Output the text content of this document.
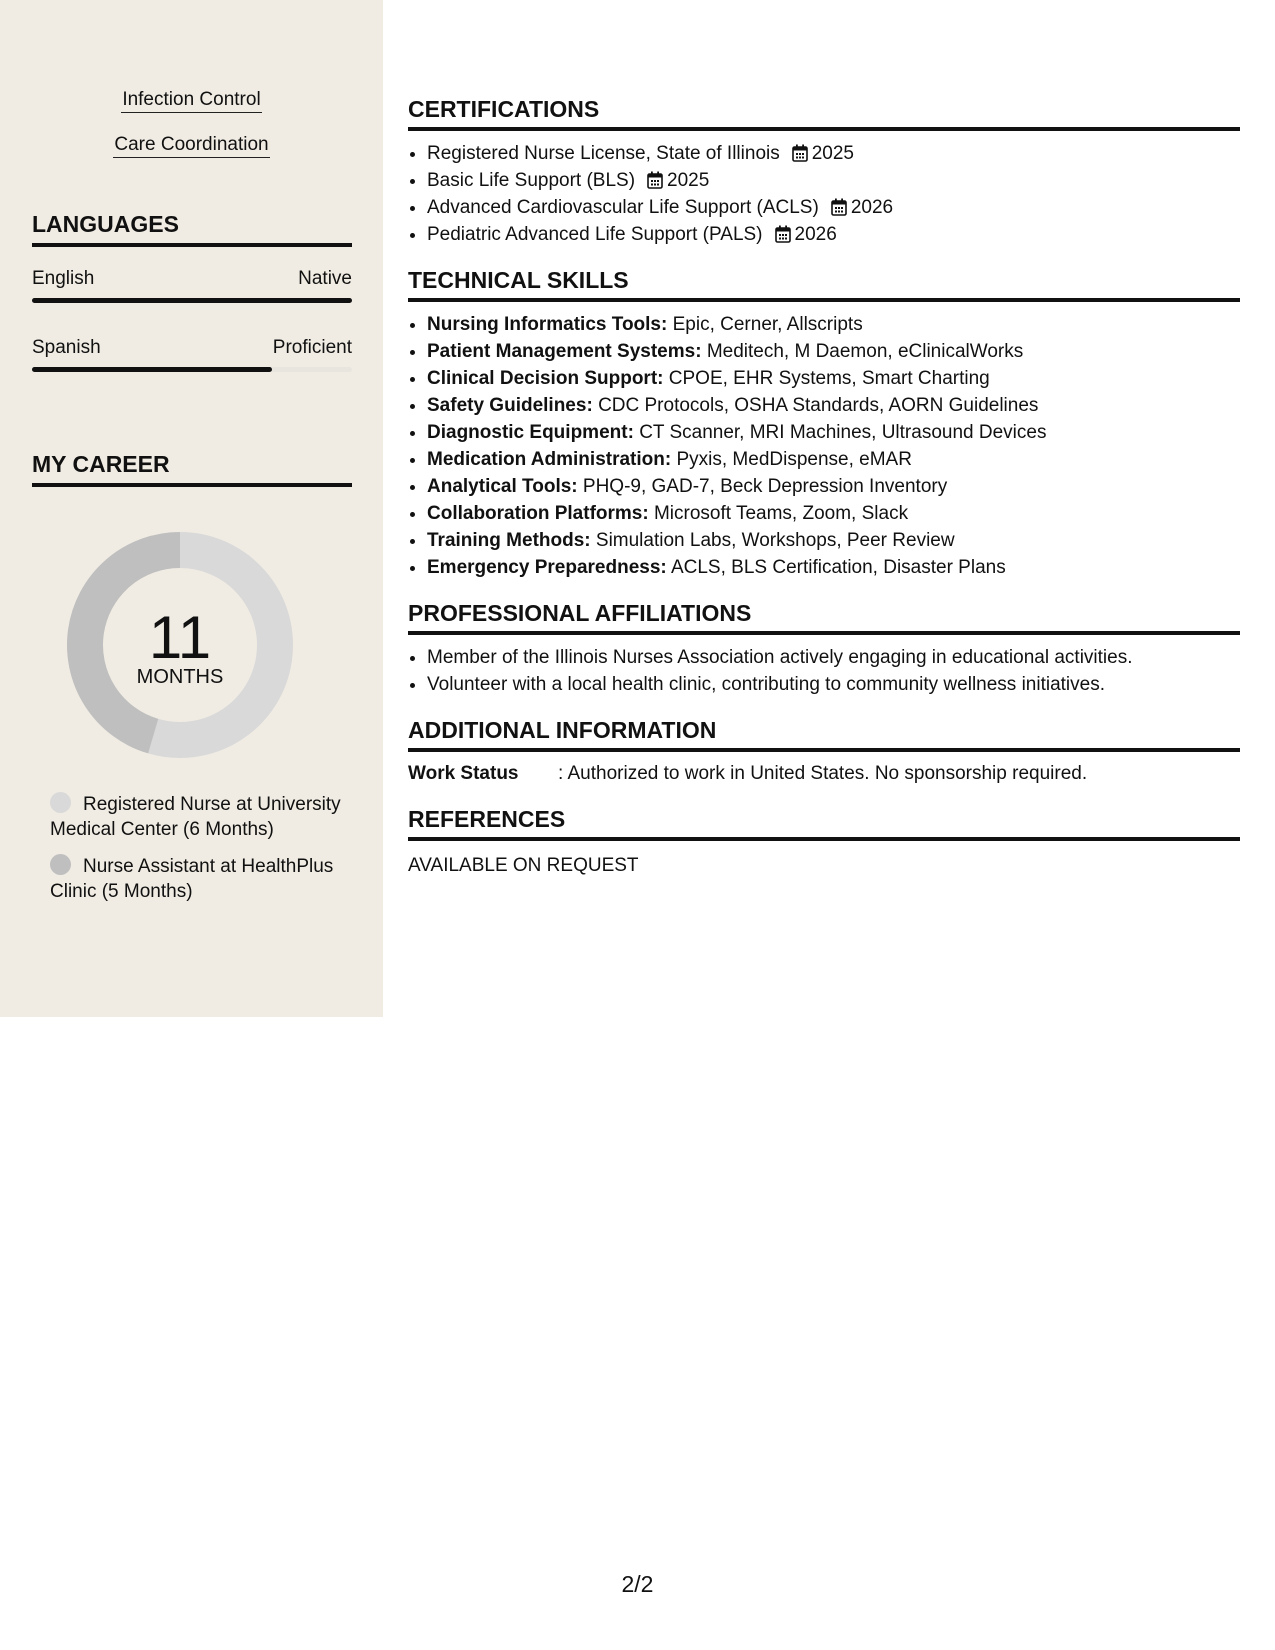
Infection Control
Care Coordination
LANGUAGES
English	Native
Spanish	Proficient
MY CAREER
11
MONTHS
Registered Nurse at University Medical Center (6 Months)
Nurse Assistant at HealthPlus Clinic (5 Months)
CERTIFICATIONS
• Registered Nurse License, State of Illinois 2025
• Basic Life Support (BLS) 2025
• Advanced Cardiovascular Life Support (ACLS) 2026
• Pediatric Advanced Life Support (PALS) 2026
TECHNICAL SKILLS
• Nursing Informatics Tools: Epic, Cerner, Allscripts
• Patient Management Systems: Meditech, M Daemon, eClinicalWorks
• Clinical Decision Support: CPOE, EHR Systems, Smart Charting
• Safety Guidelines: CDC Protocols, OSHA Standards, AORN Guidelines
• Diagnostic Equipment: CT Scanner, MRI Machines, Ultrasound Devices
• Medication Administration: Pyxis, MedDispense, eMAR
• Analytical Tools: PHQ-9, GAD-7, Beck Depression Inventory
• Collaboration Platforms: Microsoft Teams, Zoom, Slack
• Training Methods: Simulation Labs, Workshops, Peer Review
• Emergency Preparedness: ACLS, BLS Certification, Disaster Plans
PROFESSIONAL AFFILIATIONS
• Member of the Illinois Nurses Association actively engaging in educational activities.
• Volunteer with a local health clinic, contributing to community wellness initiatives.
ADDITIONAL INFORMATION
Work Status : Authorized to work in United States. No sponsorship required.
REFERENCES
AVAILABLE ON REQUEST
2/2
